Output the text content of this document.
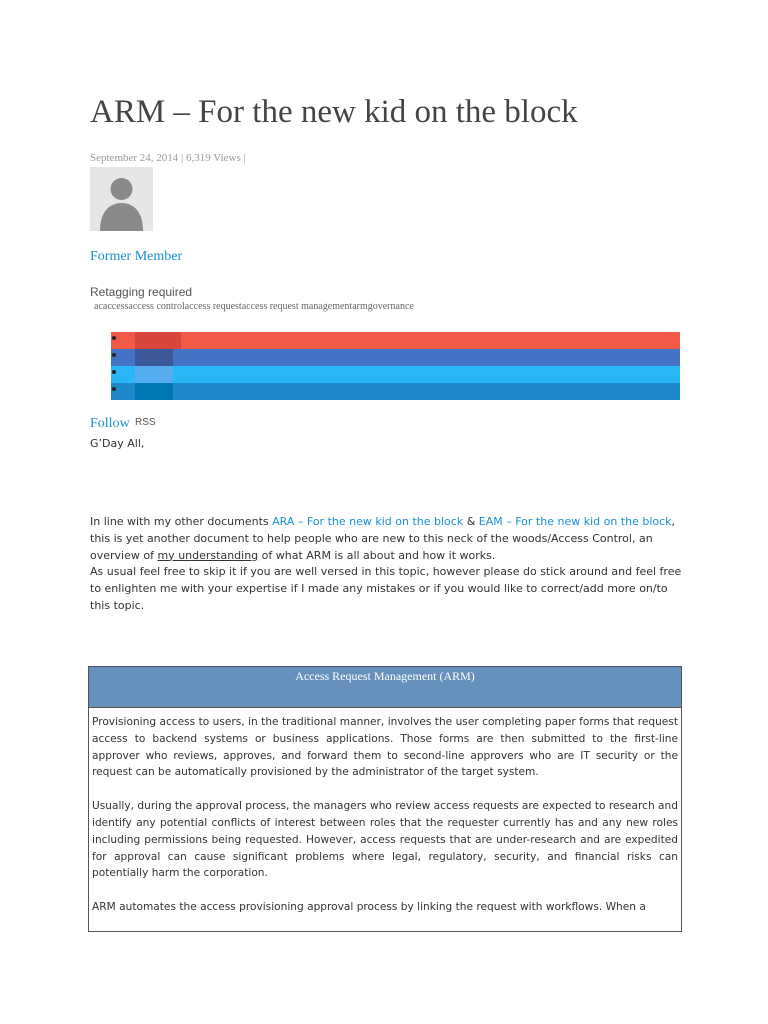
ARM – For the new kid on the block
September 24, 2014 | 6,319 Views |
Former Member
Retagging required
acaccessaccess controlaccess requestaccess request managementarmgovernance
Follow RSS
G’Day All,

In line with my other documents ARA – For the new kid on the block & EAM – For the new kid on the block, this is yet another document to help people who are new to this neck of the woods/Access Control, an overview of my understanding of what ARM is all about and how it works.

As usual feel free to skip it if you are well versed in this topic, however please do stick around and feel free to enlighten me with your expertise if I made any mistakes or if you would like to correct/add more on/to this topic.

Access Request Management (ARM)

Provisioning access to users, in the traditional manner, involves the user completing paper forms that request access to backend systems or business applications. Those forms are then submitted to the first-line approver who reviews, approves, and forward them to second-line approvers who are IT security or the request can be automatically provisioned by the administrator of the target system.

Usually, during the approval process, the managers who review access requests are expected to research and identify any potential conflicts of interest between roles that the requester currently has and any new roles including permissions being requested. However, access requests that are under-research and are expedited for approval can cause significant problems where legal, regulatory, security, and financial risks can potentially harm the corporation.

ARM automates the access provisioning approval process by linking the request with workflows. When a
